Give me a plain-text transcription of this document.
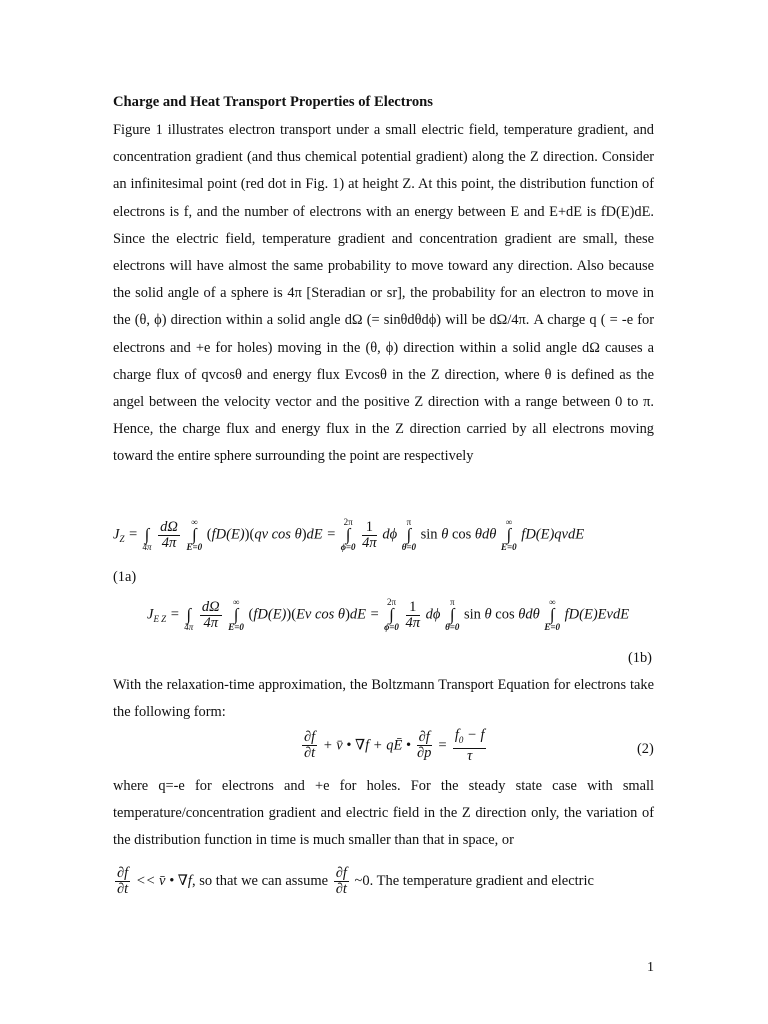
Charge and Heat Transport Properties of Electrons

Figure 1 illustrates electron transport under a small electric field, temperature gradient, and concentration gradient (and thus chemical potential gradient) along the Z direction. Consider an infinitesimal point (red dot in Fig. 1) at height Z. At this point, the distribution function of electrons is f, and the number of electrons with an energy between E and E+dE is fD(E)dE. Since the electric field, temperature gradient and concentration gradient are small, these electrons will have almost the same probability to move toward any direction. Also because the solid angle of a sphere is 4π [Steradian or sr], the probability for an electron to move in the (θ, ϕ) direction within a solid angle dΩ (= sinθdθdϕ) will be dΩ/4π. A charge q ( = -e for electrons and +e for holes) moving in the (θ, ϕ) direction within a solid angle dΩ causes a charge flux of qvcosθ and energy flux Evcosθ in the Z direction, where θ is defined as the angel between the velocity vector and the positive Z direction with a range between 0 to π. Hence, the charge flux and energy flux in the Z direction carried by all electrons moving toward the entire sphere surrounding the point are respectively

$J_Z$ =
∫
4π
$\frac{d\Omega}{4\pi}$
	∞
∫
E=0
(fD(E))(qv cos θ)dE =
2π
∫
ϕ=0
$\frac{1}{4\pi}$ dϕ
π
∫
θ=0
sin θ cos θdθ
∞
∫
E=0
fD(E)qvdE
(1a)
$J_{E Z}$ =
∫
4π
$\frac{d\Omega}{4\pi}$
	∞
∫
E=0
(fD(E))(Ev cos θ)dE =
2π
∫
ϕ=0
$\frac{1}{4\pi}$ dϕ
π
∫
θ=0
sin θ cos θdθ
∞
∫
E=0
fD(E)EvdE
(1b)

With the relaxation-time approximation, the Boltzmann Transport Equation for electrons take the following form:

$\frac{\partial f}{\partial t}$ + v̄ • ∇f + qĒ • $\frac{\partial f}{\partial p} = \frac{f_0 - f}{\tau}$	(2)

where q=-e for electrons and +e for holes. For the steady state case with small temperature/concentration gradient and electric field in the Z direction only, the variation of the distribution function in time is much smaller than that in space, or

$\frac{\partial f}{\partial t}$ << v̄ • ∇f, so that we can assume $\frac{\partial f}{\partial t}$ ~0. The temperature gradient and electric
1
